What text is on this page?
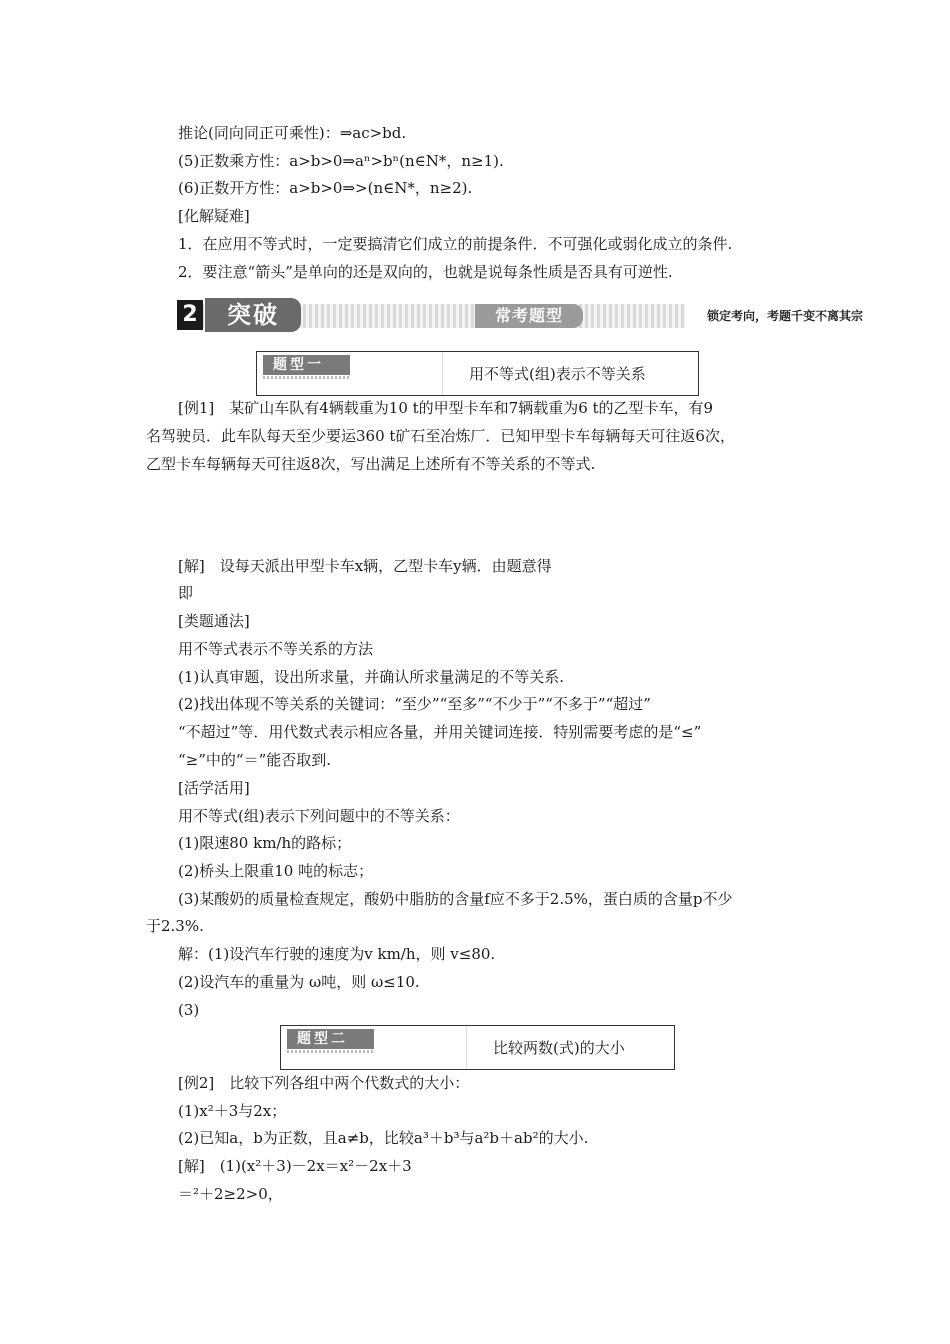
推论(同向同正可乘性)：⇒ac>bd.
(5)正数乘方性：a>b>0⇒aⁿ>bⁿ(n∈N*，n≥1).
(6)正数开方性：a>b>0⇒>(n∈N*，n≥2).
[化解疑难]
1．在应用不等式时，一定要搞清它们成立的前提条件．不可强化或弱化成立的条件.
2．要注意“箭头”是单向的还是双向的，也就是说每条性质是否具有可逆性.
2	突破	常考题型	锁定考向，考题千变不离其宗
题型一	用不等式(组)表示不等关系
[例1]　某矿山车队有4辆载重为10 t的甲型卡车和7辆载重为6 t的乙型卡车，有9
名驾驶员．此车队每天至少要运360 t矿石至冶炼厂．已知甲型卡车每辆每天可往返6次，
乙型卡车每辆每天可往返8次，写出满足上述所有不等关系的不等式.
[解]　设每天派出甲型卡车x辆，乙型卡车y辆．由题意得
即
[类题通法]
用不等式表示不等关系的方法
(1)认真审题，设出所求量，并确认所求量满足的不等关系.
(2)找出体现不等关系的关键词：“至少”“至多”“不少于”“不多于”“超过”
“不超过”等．用代数式表示相应各量，并用关键词连接．特别需要考虑的是“≤”
“≥”中的“＝”能否取到.
[活学活用]
用不等式(组)表示下列问题中的不等关系：
(1)限速80 km/h的路标；
(2)桥头上限重10 吨的标志；
(3)某酸奶的质量检查规定，酸奶中脂肪的含量f应不多于2.5%，蛋白质的含量p不少
于2.3%.
解：(1)设汽车行驶的速度为v km/h，则 v≤80.
(2)设汽车的重量为 ω吨，则 ω≤10.
(3)
题型二	比较两数(式)的大小
[例2]　比较下列各组中两个代数式的大小：
(1)x²＋3与2x；
(2)已知a，b为正数，且a≠b，比较a³＋b³与a²b＋ab²的大小.
[解]　(1)(x²＋3)－2x＝x²－2x＋3
＝²＋2≥2>0，
